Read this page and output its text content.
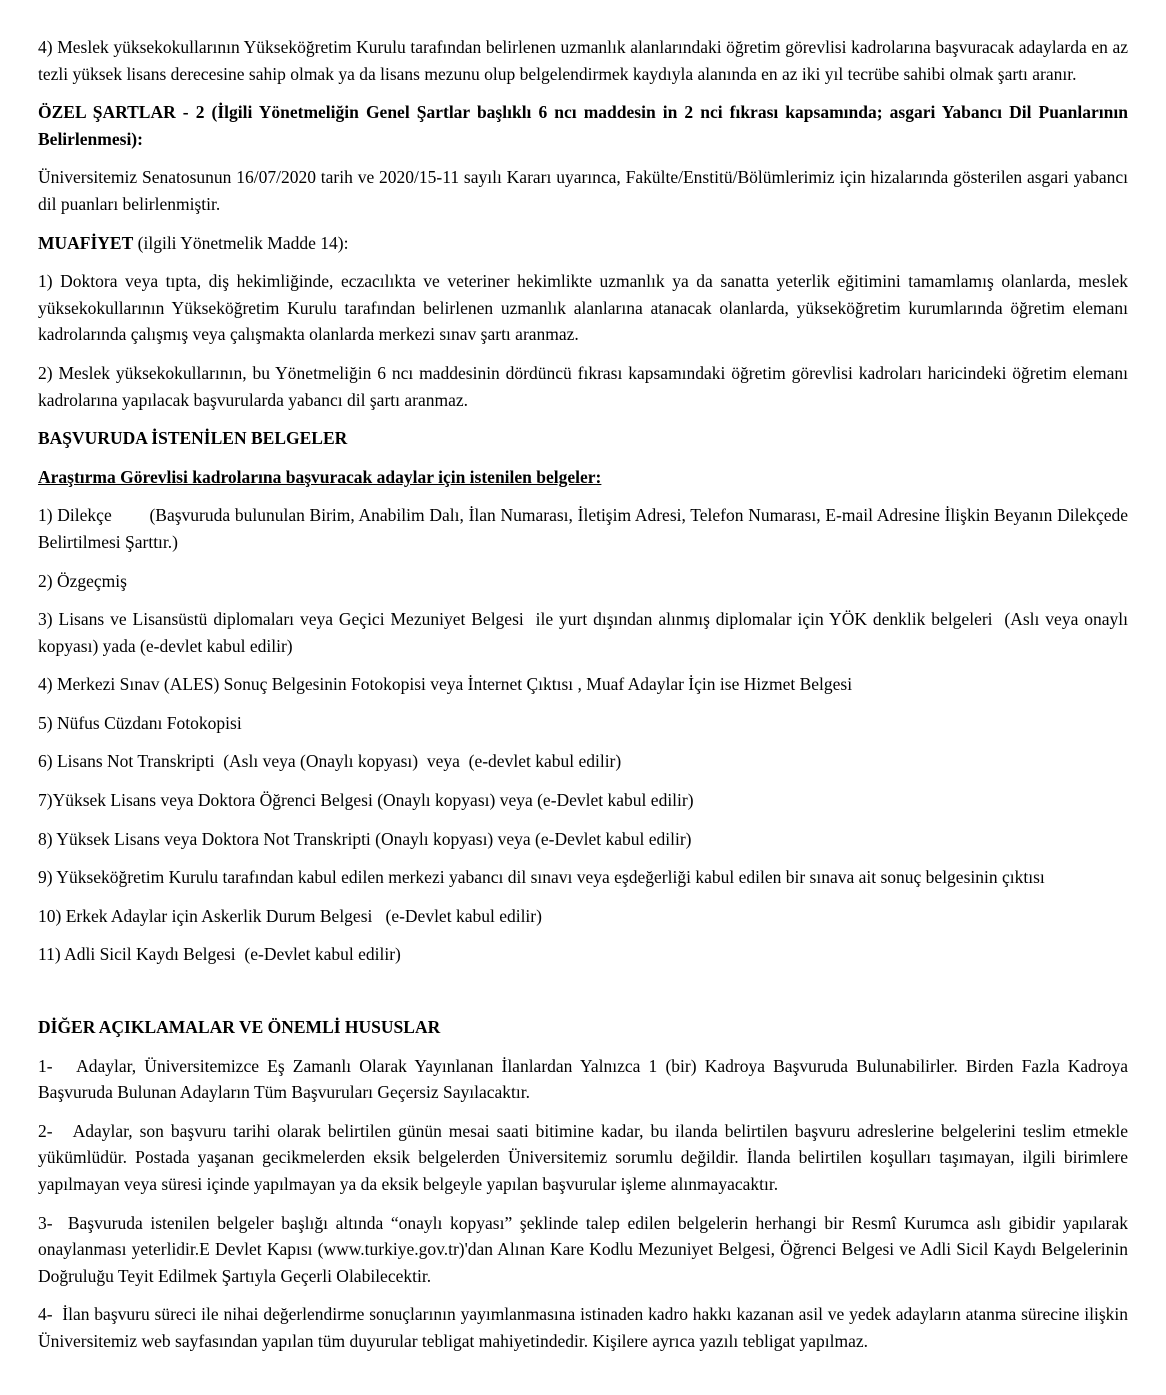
4) Meslek yüksekokullarının Yükseköğretim Kurulu tarafından belirlenen uzmanlık alanlarındaki öğretim görevlisi kadrolarına başvuracak adaylarda en az tezli yüksek lisans derecesine sahip olmak ya da lisans mezunu olup belgelendirmek kaydıyla alanında en az iki yıl tecrübe sahibi olmak şartı aranır.

ÖZEL ŞARTLAR - 2 (İlgili Yönetmeliğin Genel Şartlar başlıklı 6 ncı maddesin in 2 nci fıkrası kapsamında; asgari Yabancı Dil Puanlarının Belirlenmesi):

Üniversitemiz Senatosunun 16/07/2020 tarih ve 2020/15-11 sayılı Kararı uyarınca, Fakülte/Enstitü/Bölümlerimiz için hizalarında gösterilen asgari yabancı dil puanları belirlenmiştir.

MUAFİYET (ilgili Yönetmelik Madde 14):

1) Doktora veya tıpta, diş hekimliğinde, eczacılıkta ve veteriner hekimlikte uzmanlık ya da sanatta yeterlik eğitimini tamamlamış olanlarda, meslek yüksekokullarının Yükseköğretim Kurulu tarafından belirlenen uzmanlık alanlarına atanacak olanlarda, yükseköğretim kurumlarında öğretim elemanı kadrolarında çalışmış veya çalışmakta olanlarda merkezi sınav şartı aranmaz.

2) Meslek yüksekokullarının, bu Yönetmeliğin 6 ncı maddesinin dördüncü fıkrası kapsamındaki öğretim görevlisi kadroları haricindeki öğretim elemanı kadrolarına yapılacak başvurularda yabancı dil şartı aranmaz.

BAŞVURUDA İSTENİLEN BELGELER

Araştırma Görevlisi kadrolarına başvuracak adaylar için istenilen belgeler:

1) Dilekçe        (Başvuruda bulunulan Birim, Anabilim Dalı, İlan Numarası, İletişim Adresi, Telefon Numarası, E-mail Adresine İlişkin Beyanın Dilekçede Belirtilmesi Şarttır.)

2) Özgeçmiş

3) Lisans ve Lisansüstü diplomaları veya Geçici Mezuniyet Belgesi  ile yurt dışından alınmış diplomalar için YÖK denklik belgeleri  (Aslı veya onaylı kopyası) yada (e-devlet kabul edilir)

4) Merkezi Sınav (ALES) Sonuç Belgesinin Fotokopisi veya İnternet Çıktısı , Muaf Adaylar İçin ise Hizmet Belgesi

5) Nüfus Cüzdanı Fotokopisi

6) Lisans Not Transkripti  (Aslı veya (Onaylı kopyası)  veya  (e-devlet kabul edilir)

7)Yüksek Lisans veya Doktora Öğrenci Belgesi (Onaylı kopyası) veya (e-Devlet kabul edilir)

8) Yüksek Lisans veya Doktora Not Transkripti (Onaylı kopyası) veya (e-Devlet kabul edilir)

9) Yükseköğretim Kurulu tarafından kabul edilen merkezi yabancı dil sınavı veya eşdeğerliği kabul edilen bir sınava ait sonuç belgesinin çıktısı

10) Erkek Adaylar için Askerlik Durum Belgesi   (e-Devlet kabul edilir)

11) Adli Sicil Kaydı Belgesi  (e-Devlet kabul edilir)

DİĞER AÇIKLAMALAR VE ÖNEMLİ HUSUSLAR

1-   Adaylar, Üniversitemizce Eş Zamanlı Olarak Yayınlanan İlanlardan Yalnızca 1 (bir) Kadroya Başvuruda Bulunabilirler. Birden Fazla Kadroya Başvuruda Bulunan Adayların Tüm Başvuruları Geçersiz Sayılacaktır.

2-   Adaylar, son başvuru tarihi olarak belirtilen günün mesai saati bitimine kadar, bu ilanda belirtilen başvuru adreslerine belgelerini teslim etmekle yükümlüdür. Postada yaşanan gecikmelerden eksik belgelerden Üniversitemiz sorumlu değildir. İlanda belirtilen koşulları taşımayan, ilgili birimlere yapılmayan veya süresi içinde yapılmayan ya da eksik belgeyle yapılan başvurular işleme alınmayacaktır.

3-  Başvuruda istenilen belgeler başlığı altında “onaylı kopyası” şeklinde talep edilen belgelerin herhangi bir Resmî Kurumca aslı gibidir yapılarak onaylanması yeterlidir.E Devlet Kapısı (www.turkiye.gov.tr)'dan Alınan Kare Kodlu Mezuniyet Belgesi, Öğrenci Belgesi ve Adli Sicil Kaydı Belgelerinin Doğruluğu Teyit Edilmek Şartıyla Geçerli Olabilecektir.

4-  İlan başvuru süreci ile nihai değerlendirme sonuçlarının yayımlanmasına istinaden kadro hakkı kazanan asil ve yedek adayların atanma sürecine ilişkin Üniversitemiz web sayfasından yapılan tüm duyurular tebligat mahiyetindedir. Kişilere ayrıca yazılı tebligat yapılmaz.
